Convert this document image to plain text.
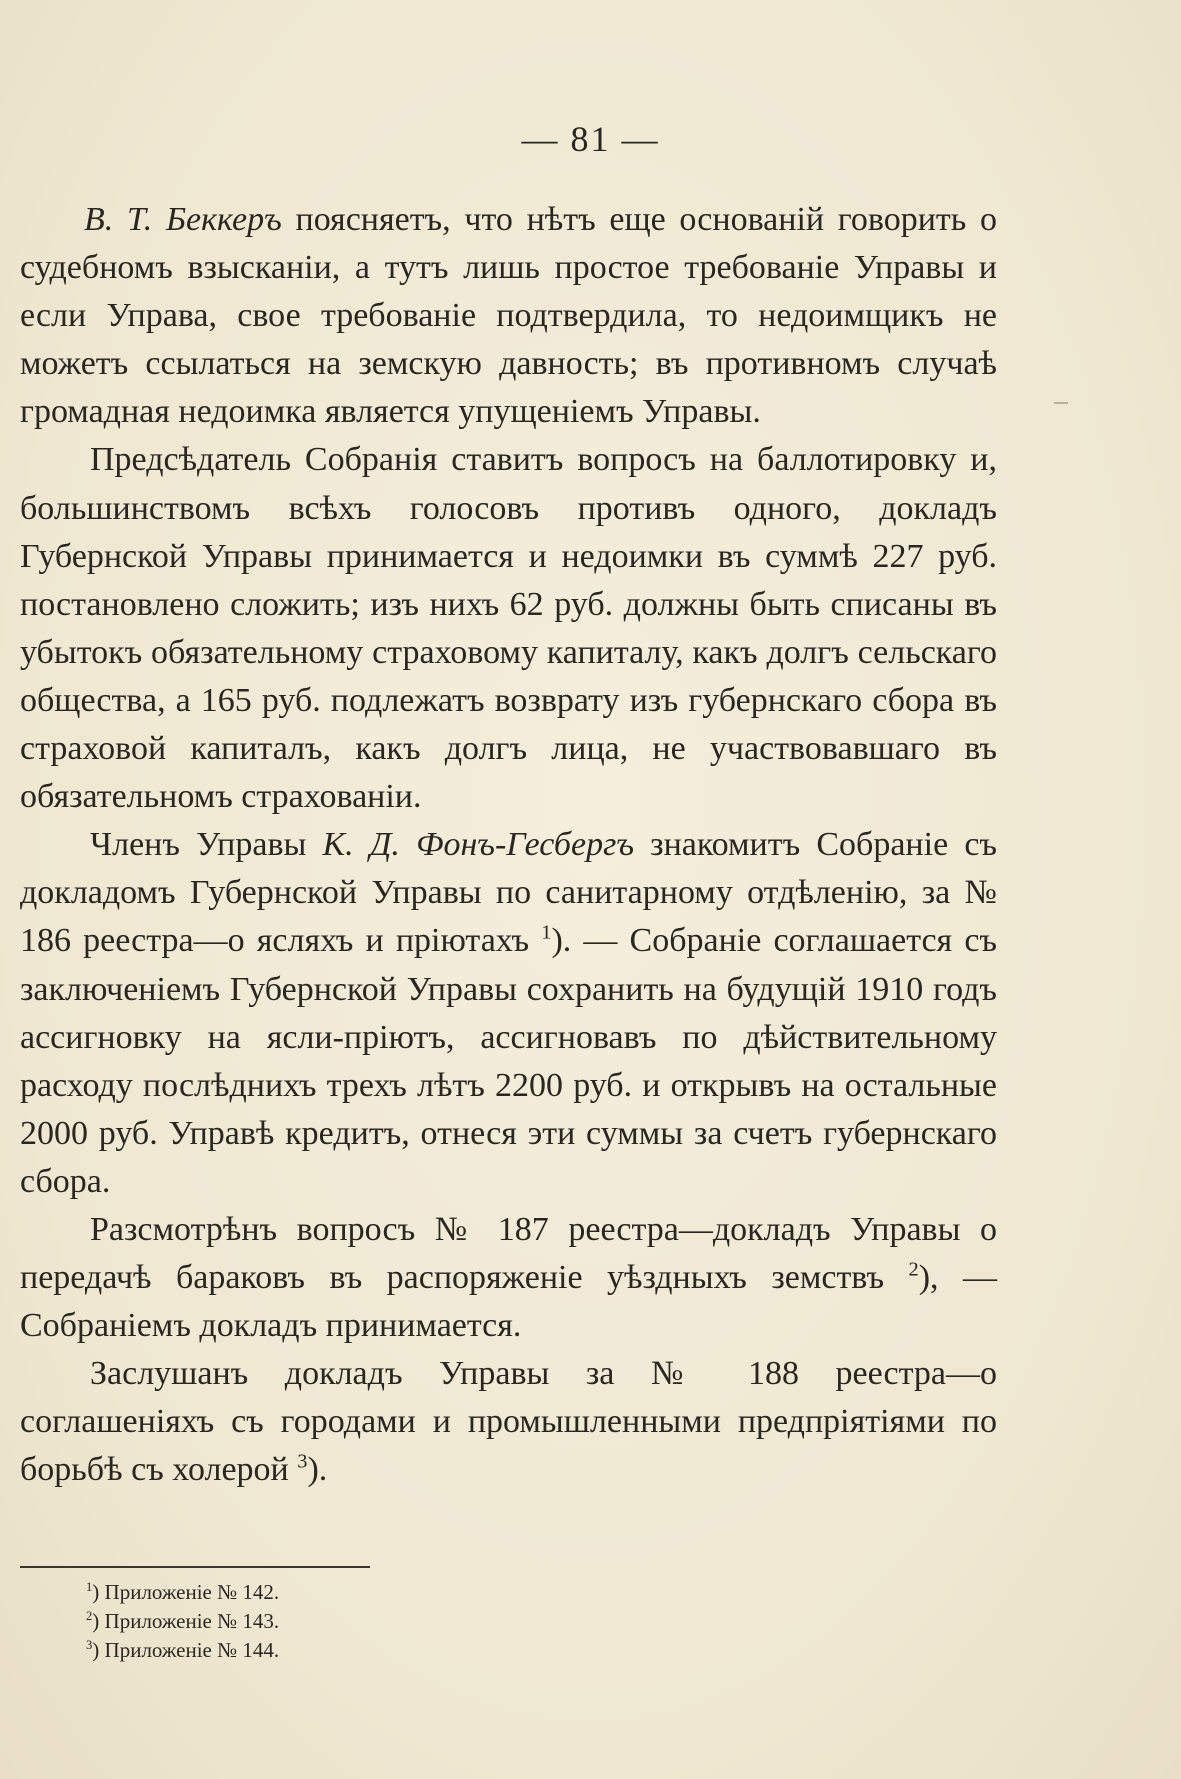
— 81 —

В. Т. Беккеръ поясняетъ, что нѣтъ еще основаній говорить о судебномъ взысканіи, а тутъ лишь простое требованіе Управы и если Управа, свое требованіе подтвердила, то недоимщикъ не можетъ ссылаться на земскую давность; въ противномъ случаѣ громадная недоимка является упущеніемъ Управы.

Предсѣдатель Собранія ставитъ вопросъ на баллотировку и, большинствомъ всѣхъ голосовъ противъ одного, докладъ Губернской Управы принимается и недоимки въ суммѣ 227 руб. постановлено сложить; изъ нихъ 62 руб. должны быть списаны въ убытокъ обязательному страховому капиталу, какъ долгъ сельскаго общества, а 165 руб. подлежатъ возврату изъ губернскаго сбора въ страховой капиталъ, какъ долгъ лица, не участвовавшаго въ обязательномъ страхованіи.

Членъ Управы К. Д. Фонъ-Гесбергъ знакомитъ Собраніе съ докладомъ Губернской Управы по санитарному отдѣленію, за № 186 реестра—о ясляхъ и пріютахъ $^1$). — Собраніе соглашается съ заключеніемъ Губернской Управы сохранить на будущій 1910 годъ ассигновку на ясли-пріютъ, ассигновавъ по дѣйствительному расходу послѣднихъ трехъ лѣтъ 2200 руб. и открывъ на остальные 2000 руб. Управѣ кредитъ, отнеся эти суммы за счетъ губернскаго сбора.

Разсмотрѣнъ вопросъ № 187 реестра—докладъ Управы о передачѣ бараковъ въ распоряженіе уѣздныхъ земствъ $^2$), —Собраніемъ докладъ принимается.

Заслушанъ докладъ Управы за № 188 реестра—о соглашеніяхъ съ городами и промышленными предпріятіями по борьбѣ съ холерой $^3$).

$^1$) Приложеніе № 142.
$^2$) Приложеніе № 143.
$^3$) Приложеніе № 144.
